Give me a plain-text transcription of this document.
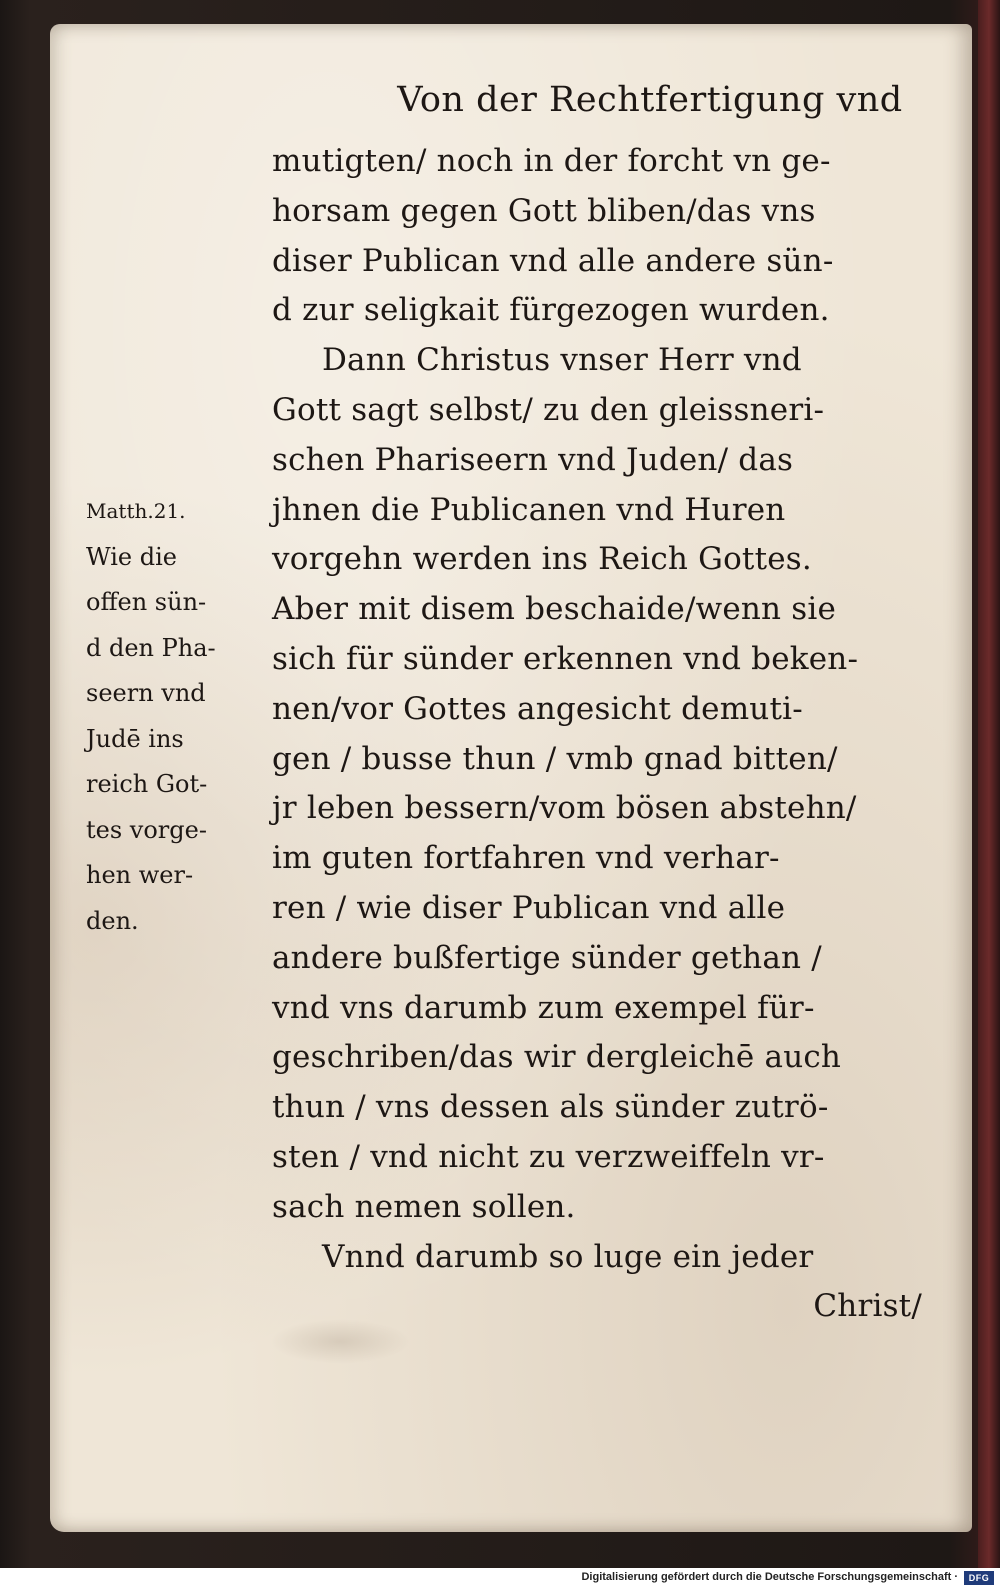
Von der Rechtfertigung vnd

mutigten/ noch in der forcht vn ge-
horsam gegen Gott bliben/das vns
diser Publican vnd alle andere sün-
d zur seligkait fürgezogen wurden.
Dann Christus vnser Herr vnd
Gott sagt selbst/ zu den gleissneri-
schen Phariseern vnd Juden/ das
jhnen die Publicanen vnd Huren
vorgehn werden ins Reich Gottes.
Aber mit disem beschaide/wenn sie
sich für sünder erkennen vnd beken-
nen/vor Gottes angesicht demuti-
gen / busse thun / vmb gnad bitten/
jr leben bessern/vom bösen abstehn/
im guten fortfahren vnd verhar-
ren / wie diser Publican vnd alle
andere bußfertige sünder gethan /
vnd vns darumb zum exempel für-
geschriben/das wir dergleichē auch
thun / vns dessen als sünder zutrö-
sten / vnd nicht zu verzweiffeln vr-
sach nemen sollen.
Vnnd darumb so luge ein jeder
Christ/
Matth.21.
Wie die
offen sün-
d den Pha-
seern vnd
Judē ins
reich Got-
tes vorge-
hen wer-
den.
Digitalisierung gefördert durch die Deutsche Forschungsgemeinschaft ·	DFG
